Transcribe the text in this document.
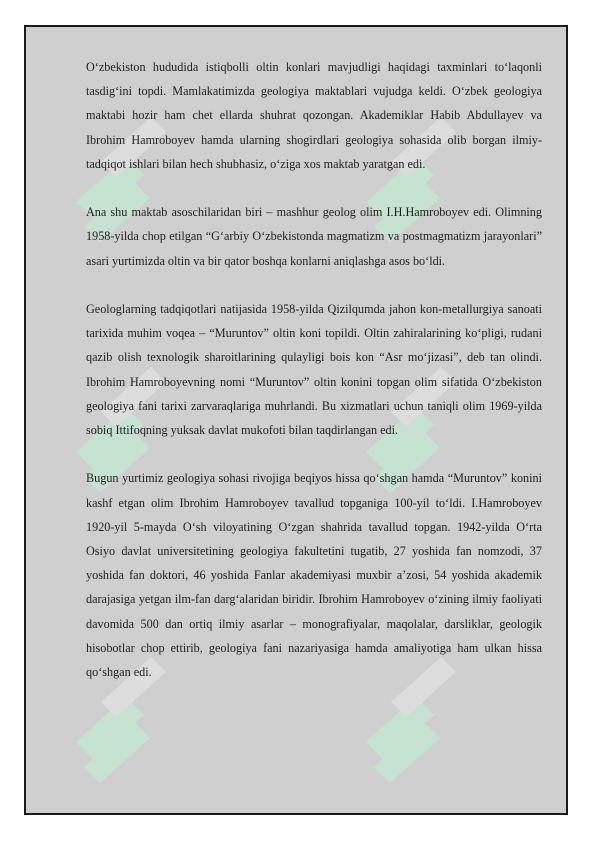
O‘zbekiston hududida istiqbolli oltin konlari mavjudligi haqidagi taxminlari to‘laqonli tasdig‘ini topdi. Mamlakatimizda geologiya maktablari vujudga keldi. O‘zbek geologiya maktabi hozir ham chet ellarda shuhrat qozongan. Akademiklar Habib Abdullayev va Ibrohim Hamroboyev hamda ularning shogirdlari geologiya sohasida olib borgan ilmiy-tadqiqot ishlari bilan hech shubhasiz, o‘ziga xos maktab yaratgan edi.

Ana shu maktab asoschilaridan biri – mashhur geolog olim I.H.Hamroboyev edi. Olimning 1958-yilda chop etilgan “G‘arbiy O‘zbekistonda magmatizm va postmagmatizm jarayonlari” asari yurtimizda oltin va bir qator boshqa konlarni aniqlashga asos bo‘ldi.

Geologlarning tadqiqotlari natijasida 1958-yilda Qizilqumda jahon kon-metallurgiya sanoati tarixida muhim voqea – “Muruntov” oltin koni topildi. Oltin zahiralarining ko‘pligi, rudani qazib olish texnologik sharoitlarining qulayligi bois kon “Asr mo‘jizasi”, deb tan olindi. Ibrohim Hamroboyevning nomi “Muruntov” oltin konini topgan olim sifatida O‘zbekiston geologiya fani tarixi zarvaraqlariga muhrlandi. Bu xizmatlari uchun taniqli olim 1969-yilda sobiq Ittifoqning yuksak davlat mukofoti bilan taqdirlangan edi.

Bugun yurtimiz geologiya sohasi rivojiga beqiyos hissa qo‘shgan hamda “Muruntov” konini kashf etgan olim Ibrohim Hamroboyev tavallud topganiga 100-yil to‘ldi. I.Hamroboyev 1920-yil 5-mayda O‘sh viloyatining O‘zgan shahrida tavallud topgan. 1942-yilda O‘rta Osiyo davlat universitetining geologiya fakultetini tugatib, 27 yoshida fan nomzodi, 37 yoshida fan doktori, 46 yoshida Fanlar akademiyasi muxbir a’zosi, 54 yoshida akademik darajasiga yetgan ilm-fan darg‘alaridan biridir. Ibrohim Hamroboyev o‘zining ilmiy faoliyati davomida 500 dan ortiq ilmiy asarlar – monografiyalar, maqolalar, darsliklar, geologik hisobotlar chop ettirib, geologiya fani nazariyasiga hamda amaliyotiga ham ulkan hissa qo‘shgan edi.
